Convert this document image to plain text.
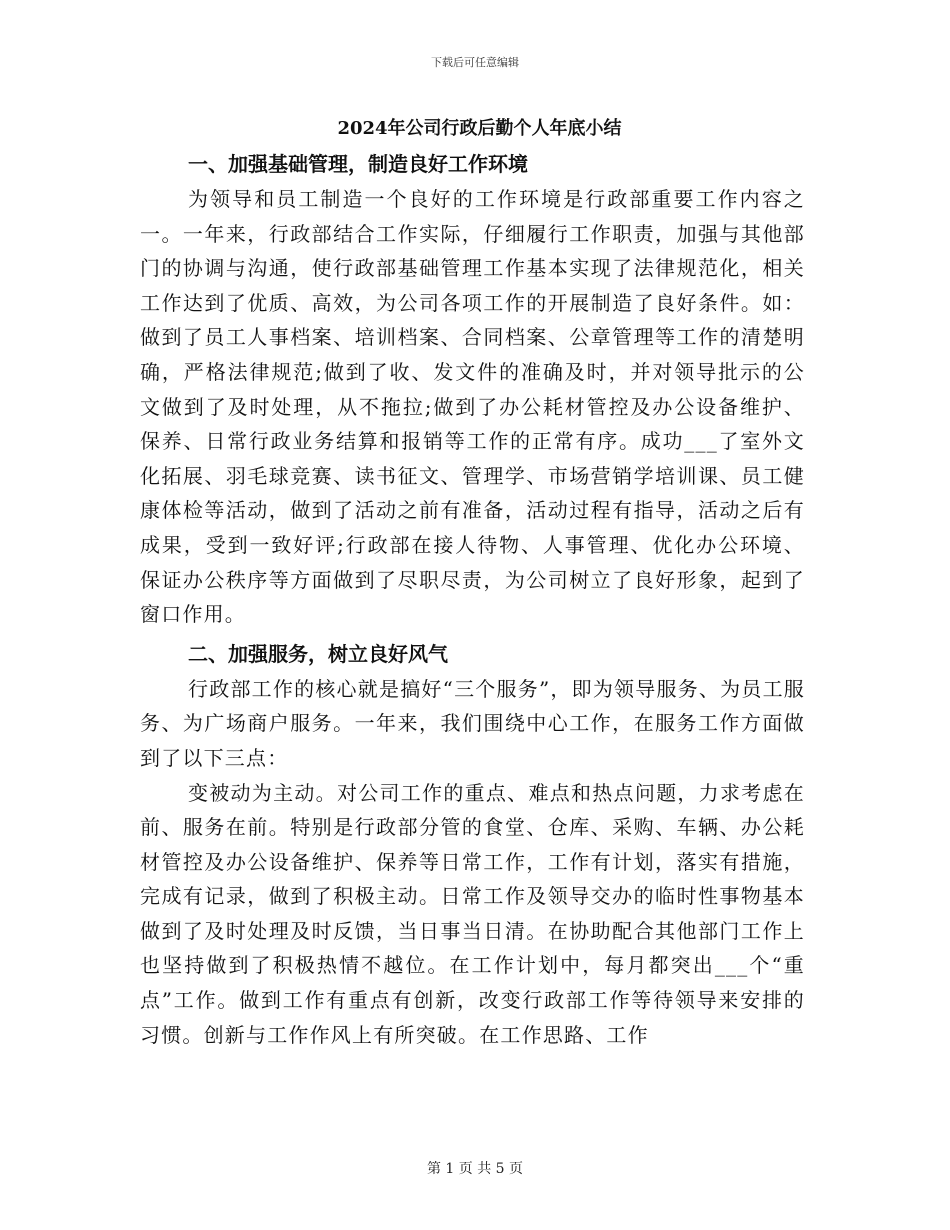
下载后可任意编辑
2024年公司行政后勤个人年底小结
一、加强基础管理，制造良好工作环境

为领导和员工制造一个良好的工作环境是行政部重要工作内容之一。一年来，行政部结合工作实际，仔细履行工作职责，加强与其他部门的协调与沟通，使行政部基础管理工作基本实现了法律规范化，相关工作达到了优质、高效，为公司各项工作的开展制造了良好条件。如：做到了员工人事档案、培训档案、合同档案、公章管理等工作的清楚明确，严格法律规范;做到了收、发文件的准确及时，并对领导批示的公文做到了及时处理，从不拖拉;做到了办公耗材管控及办公设备维护、保养、日常行政业务结算和报销等工作的正常有序。成功___了室外文化拓展、羽毛球竞赛、读书征文、管理学、市场营销学培训课、员工健康体检等活动，做到了活动之前有准备，活动过程有指导，活动之后有成果，受到一致好评;行政部在接人待物、人事管理、优化办公环境、保证办公秩序等方面做到了尽职尽责，为公司树立了良好形象，起到了窗口作用。

二、加强服务，树立良好风气

行政部工作的核心就是搞好“三个服务”，即为领导服务、为员工服务、为广场商户服务。一年来，我们围绕中心工作，在服务工作方面做到了以下三点：

变被动为主动。对公司工作的重点、难点和热点问题，力求考虑在前、服务在前。特别是行政部分管的食堂、仓库、采购、车辆、办公耗材管控及办公设备维护、保养等日常工作，工作有计划，落实有措施，完成有记录，做到了积极主动。日常工作及领导交办的临时性事物基本做到了及时处理及时反馈，当日事当日清。在协助配合其他部门工作上也坚持做到了积极热情不越位。在工作计划中，每月都突出___个“重点”工作。做到工作有重点有创新，改变行政部工作等待领导来安排的习惯。创新与工作作风上有所突破。在工作思路、工作

第 1 页 共 5 页
